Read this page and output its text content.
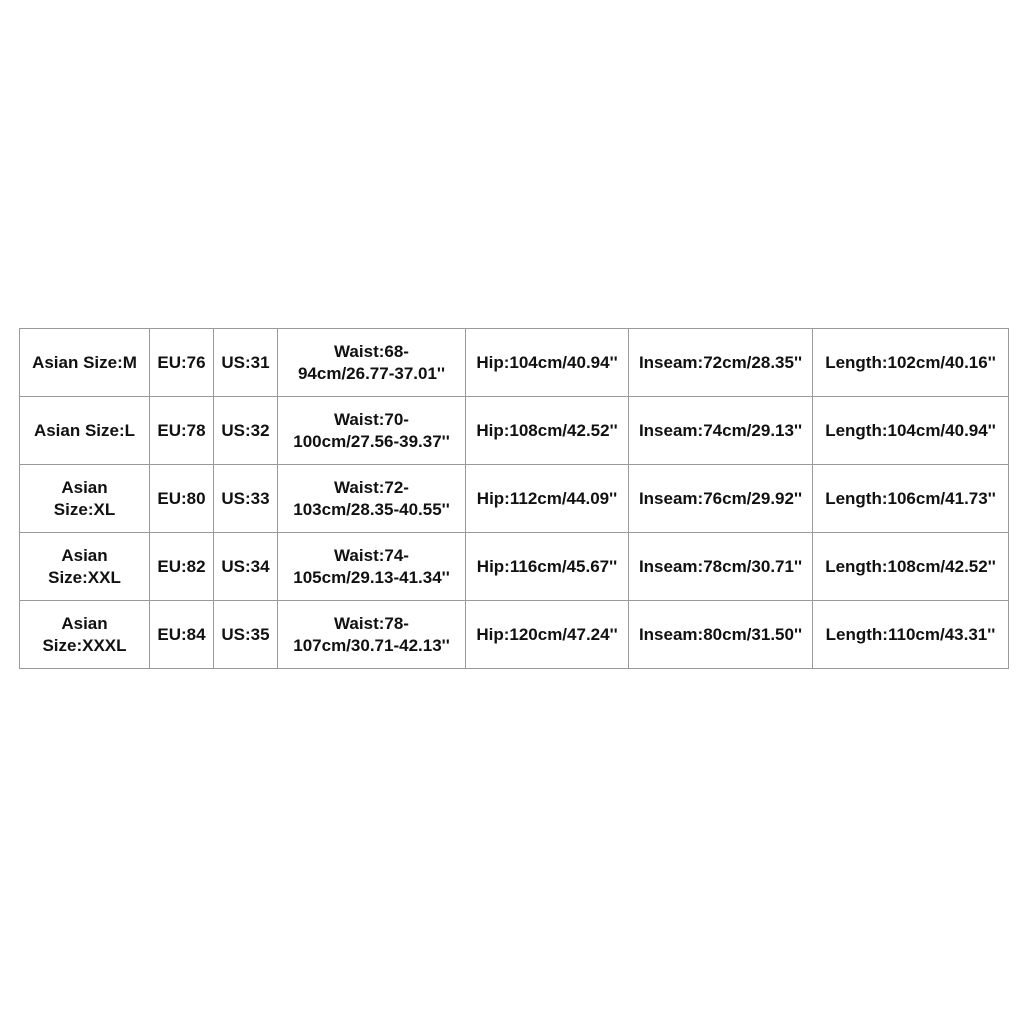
Asian Size:M	EU:76	US:31	Waist:68-
94cm/26.77-37.01''	Hip:104cm/40.94''	Inseam:72cm/28.35''	Length:102cm/40.16''
Asian Size:L	EU:78	US:32	Waist:70-
100cm/27.56-39.37''	Hip:108cm/42.52''	Inseam:74cm/29.13''	Length:104cm/40.94''
Asian
Size:XL	EU:80	US:33	Waist:72-
103cm/28.35-40.55''	Hip:112cm/44.09''	Inseam:76cm/29.92''	Length:106cm/41.73''
Asian
Size:XXL	EU:82	US:34	Waist:74-
105cm/29.13-41.34''	Hip:116cm/45.67''	Inseam:78cm/30.71''	Length:108cm/42.52''
Asian
Size:XXXL	EU:84	US:35	Waist:78-
107cm/30.71-42.13''	Hip:120cm/47.24''	Inseam:80cm/31.50''	Length:110cm/43.31''
